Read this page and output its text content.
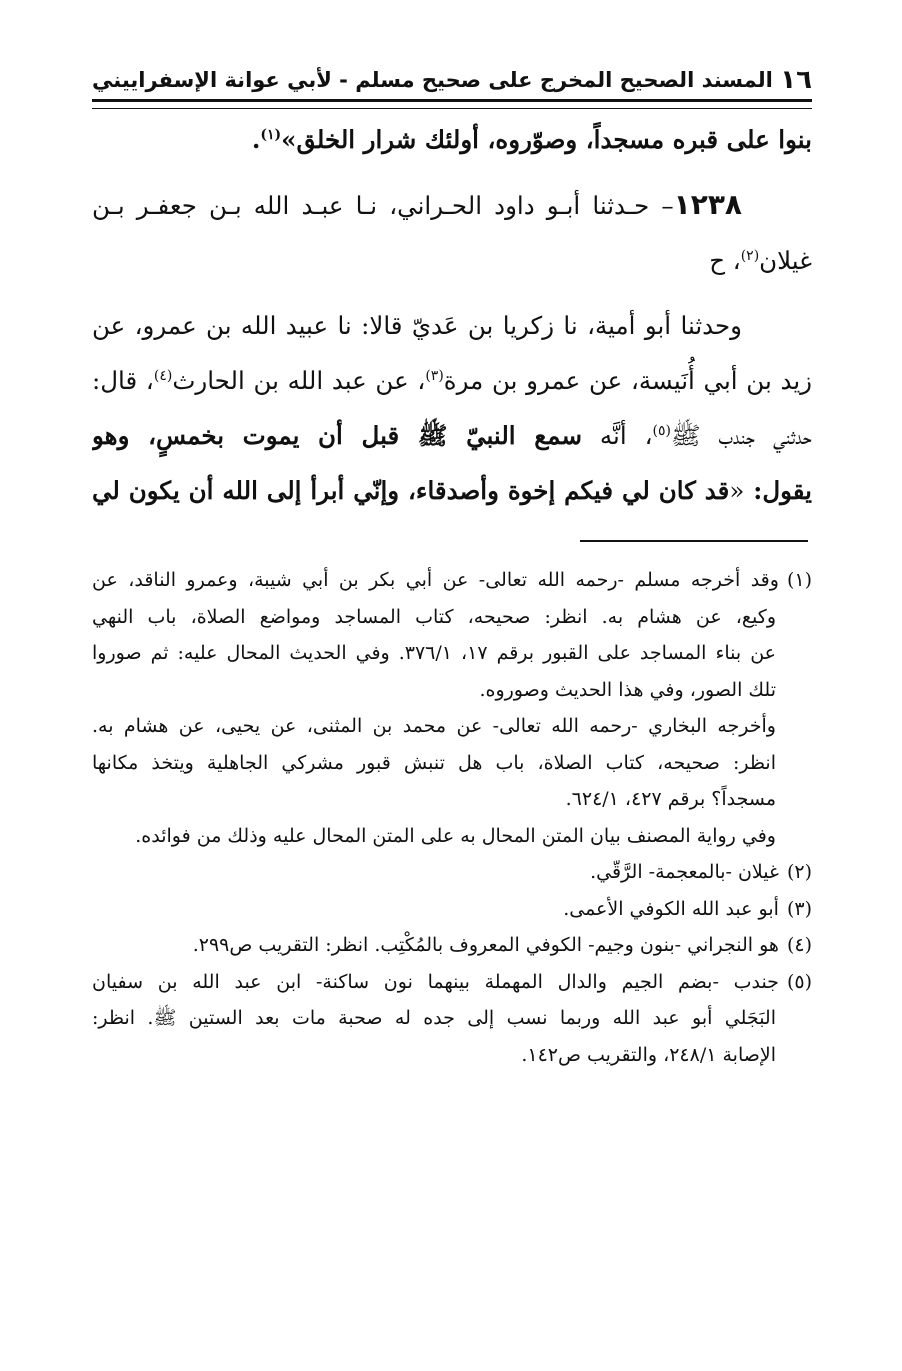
١٦
المسند الصحيح المخرج على صحيح مسلم - لأبي عوانة الإسفراييني
بنوا على قبره مسجداً، وصوّروه، أولئك شرار الخلق»$^{(١)}$.
١٢٣٨– حـدثنا أبـو داود الحـراني، نـا عبـد الله بـن جعفـر بـن
غيلان$^{(٢)}$، ح
وحدثنا أبو أمية، نا زكريا بن عَديّ قالا: نا عبيد الله بن عمرو، عن
زيد بن أبي أُنَيسة، عن عمرو بن مرة$^{(٣)}$، عن عبد الله بن الحارث$^{(٤)}$، قال:
حدثني جندب ﷺ$^{(٥)}$، أنَّه سمع النبيّ ﷺ قبل أن يموت بخمسٍ، وهو
يقول: «قد كان لي فيكم إخوة وأصدقاء، وإنّي أبرأ إلى الله أن يكون لي
(١)وقد أخرجه مسلم -رحمه الله تعالى- عن أبي بكر بن أبي شيبة، وعمرو الناقد، عن
وكيع، عن هشام به. انظر: صحيحه، كتاب المساجد ومواضع الصلاة، باب النهي
عن بناء المساجد على القبور برقم ١٧، ٣٧٦/١. وفي الحديث المحال عليه: ثم صوروا
تلك الصور، وفي هذا الحديث وصوروه.
وأخرجه البخاري -رحمه الله تعالى- عن محمد بن المثنى، عن يحيى، عن هشام به.
انظر: صحيحه، كتاب الصلاة، باب هل تنبش قبور مشركي الجاهلية ويتخذ مكانها
مسجداً؟ برقم ٤٢٧، ٦٢٤/١.
وفي رواية المصنف بيان المتن المحال به على المتن المحال عليه وذلك من فوائده.
(٢)غيلان -بالمعجمة- الرَّقّي.
(٣)أبو عبد الله الكوفي الأعمى.
(٤)هو النجراني -بنون وجيم- الكوفي المعروف بالمُكْتِب. انظر: التقريب ص٢٩٩.
(٥)جندب -بضم الجيم والدال المهملة بينهما نون ساكنة- ابن عبد الله بن سفيان
البَجَلي أبو عبد الله وربما نسب إلى جده له صحبة مات بعد الستين ﷺ. انظر:
الإصابة ٢٤٨/١، والتقريب ص١٤٢.
